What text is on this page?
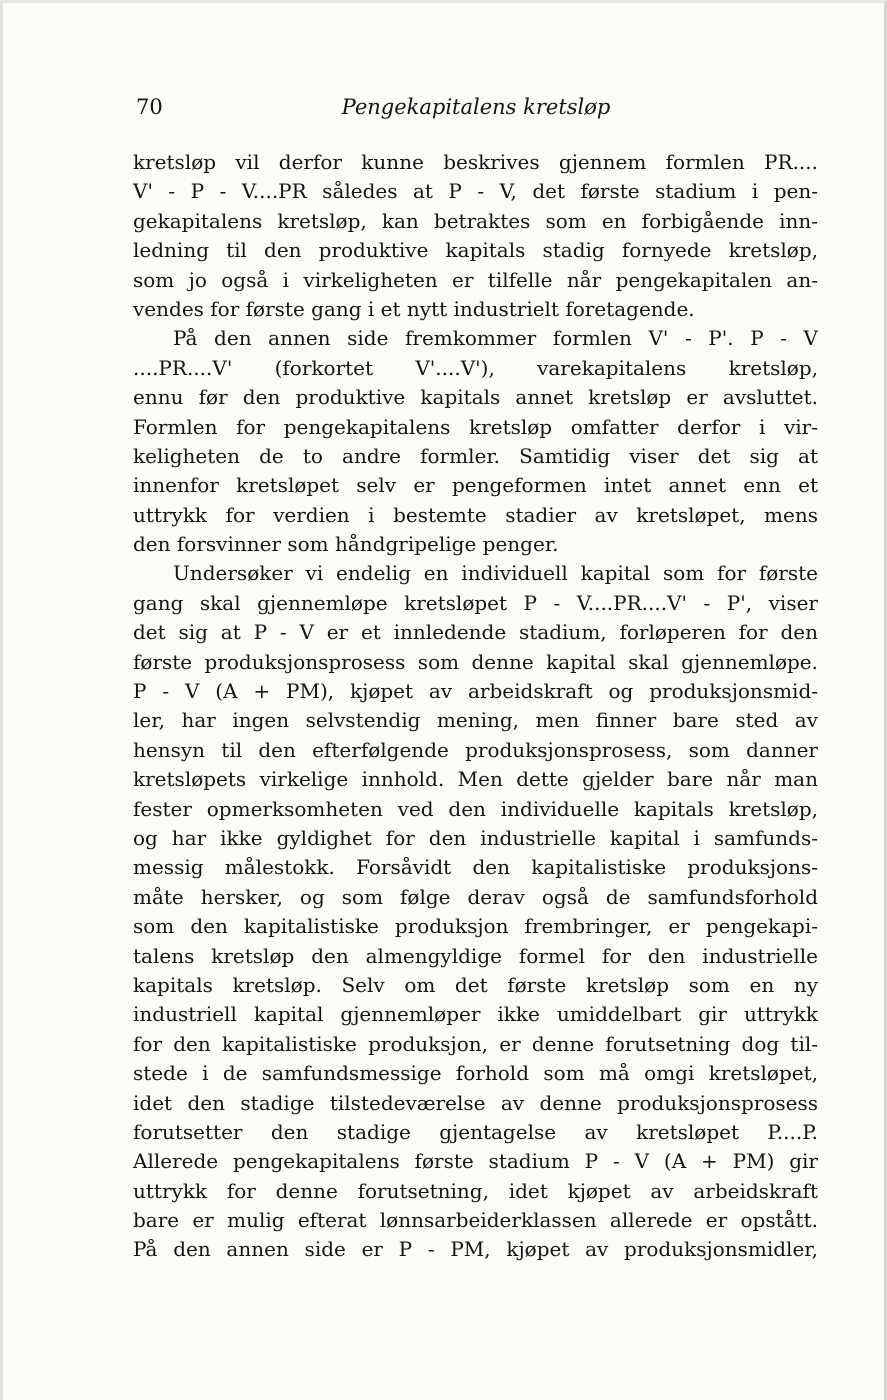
70	Pengekapitalens kretsløp
kretsløp vil derfor kunne beskrives gjennem formlen PR....
V' - P - V....PR således at P - V, det første stadium i pen-
gekapitalens kretsløp, kan betraktes som en forbigående inn-
ledning til den produktive kapitals stadig fornyede kretsløp,
som jo også i virkeligheten er tilfelle når pengekapitalen an-
vendes for første gang i et nytt industrielt foretagende.
På den annen side fremkommer formlen V' - P'. P - V
....PR....V' (forkortet V'....V'), varekapitalens kretsløp,
ennu før den produktive kapitals annet kretsløp er avsluttet.
Formlen for pengekapitalens kretsløp omfatter derfor i vir-
keligheten de to andre formler. Samtidig viser det sig at
innenfor kretsløpet selv er pengeformen intet annet enn et
uttrykk for verdien i bestemte stadier av kretsløpet, mens
den forsvinner som håndgripelige penger.
Undersøker vi endelig en individuell kapital som for første
gang skal gjennemløpe kretsløpet P - V....PR....V' - P', viser
det sig at P - V er et innledende stadium, forløperen for den
første produksjonsprosess som denne kapital skal gjennemløpe.
P - V (A + PM), kjøpet av arbeidskraft og produksjonsmid-
ler, har ingen selvstendig mening, men finner bare sted av
hensyn til den efterfølgende produksjonsprosess, som danner
kretsløpets virkelige innhold. Men dette gjelder bare når man
fester opmerksomheten ved den individuelle kapitals kretsløp,
og har ikke gyldighet for den industrielle kapital i samfunds-
messig målestokk. Forsåvidt den kapitalistiske produksjons-
måte hersker, og som følge derav også de samfundsforhold
som den kapitalistiske produksjon frembringer, er pengekapi-
talens kretsløp den almengyldige formel for den industrielle
kapitals kretsløp. Selv om det første kretsløp som en ny
industriell kapital gjennemløper ikke umiddelbart gir uttrykk
for den kapitalistiske produksjon, er denne forutsetning dog til-
stede i de samfundsmessige forhold som må omgi kretsløpet,
idet den stadige tilstedeværelse av denne produksjonsprosess
forutsetter den stadige gjentagelse av kretsløpet P....P.
Allerede pengekapitalens første stadium P - V (A + PM) gir
uttrykk for denne forutsetning, idet kjøpet av arbeidskraft
bare er mulig efterat lønnsarbeiderklassen allerede er opstått.
På den annen side er P - PM, kjøpet av produksjonsmidler,
